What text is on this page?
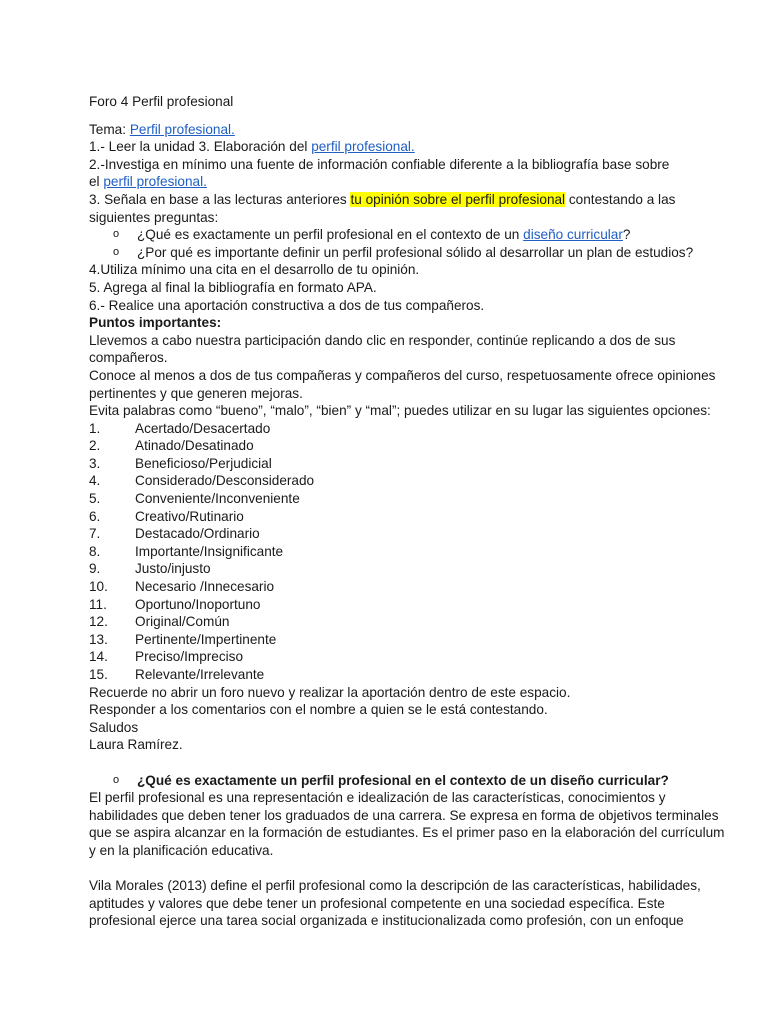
Foro 4 Perfil profesional
Tema: Perfil profesional.
1.- Leer la unidad 3. Elaboración del perfil profesional.
2.-Investiga en mínimo una fuente de información confiable diferente a la bibliografía base sobre
el perfil profesional.
3. Señala en base a las lecturas anteriores tu opinión sobre el perfil profesional contestando a las
siguientes preguntas:
o ¿Qué es exactamente un perfil profesional en el contexto de un diseño curricular?
o ¿Por qué es importante definir un perfil profesional sólido al desarrollar un plan de estudios?
4.Utiliza mínimo una cita en el desarrollo de tu opinión.
5. Agrega al final la bibliografía en formato APA.
6.- Realice una aportación constructiva a dos de tus compañeros.
Puntos importantes:
Llevemos a cabo nuestra participación dando clic en responder, continúe replicando a dos de sus
compañeros.
Conoce al menos a dos de tus compañeras y compañeros del curso, respetuosamente ofrece opiniones
pertinentes y que generen mejoras.
Evita palabras como “bueno”, “malo”, “bien” y “mal”; puedes utilizar en su lugar las siguientes opciones:
1.	Acertado/Desacertado
2.	Atinado/Desatinado
3.	Beneficioso/Perjudicial
4.	Considerado/Desconsiderado
5.	Conveniente/Inconveniente
6.	Creativo/Rutinario
7.	Destacado/Ordinario
8.	Importante/Insignificante
9.	Justo/injusto
10.	Necesario /Innecesario
11.	Oportuno/Inoportuno
12.	Original/Común
13.	Pertinente/Impertinente
14.	Preciso/Impreciso
15.	Relevante/Irrelevante
Recuerde no abrir un foro nuevo y realizar la aportación dentro de este espacio.
Responder a los comentarios con el nombre a quien se le está contestando.
Saludos
Laura Ramírez.
o ¿Qué es exactamente un perfil profesional en el contexto de un diseño curricular?
El perfil profesional es una representación e idealización de las características, conocimientos y
habilidades que deben tener los graduados de una carrera. Se expresa en forma de objetivos terminales
que se aspira alcanzar en la formación de estudiantes. Es el primer paso en la elaboración del currículum
y en la planificación educativa.
Vila Morales (2013) define el perfil profesional como la descripción de las características, habilidades,
aptitudes y valores que debe tener un profesional competente en una sociedad específica. Este
profesional ejerce una tarea social organizada e institucionalizada como profesión, con un enfoque
